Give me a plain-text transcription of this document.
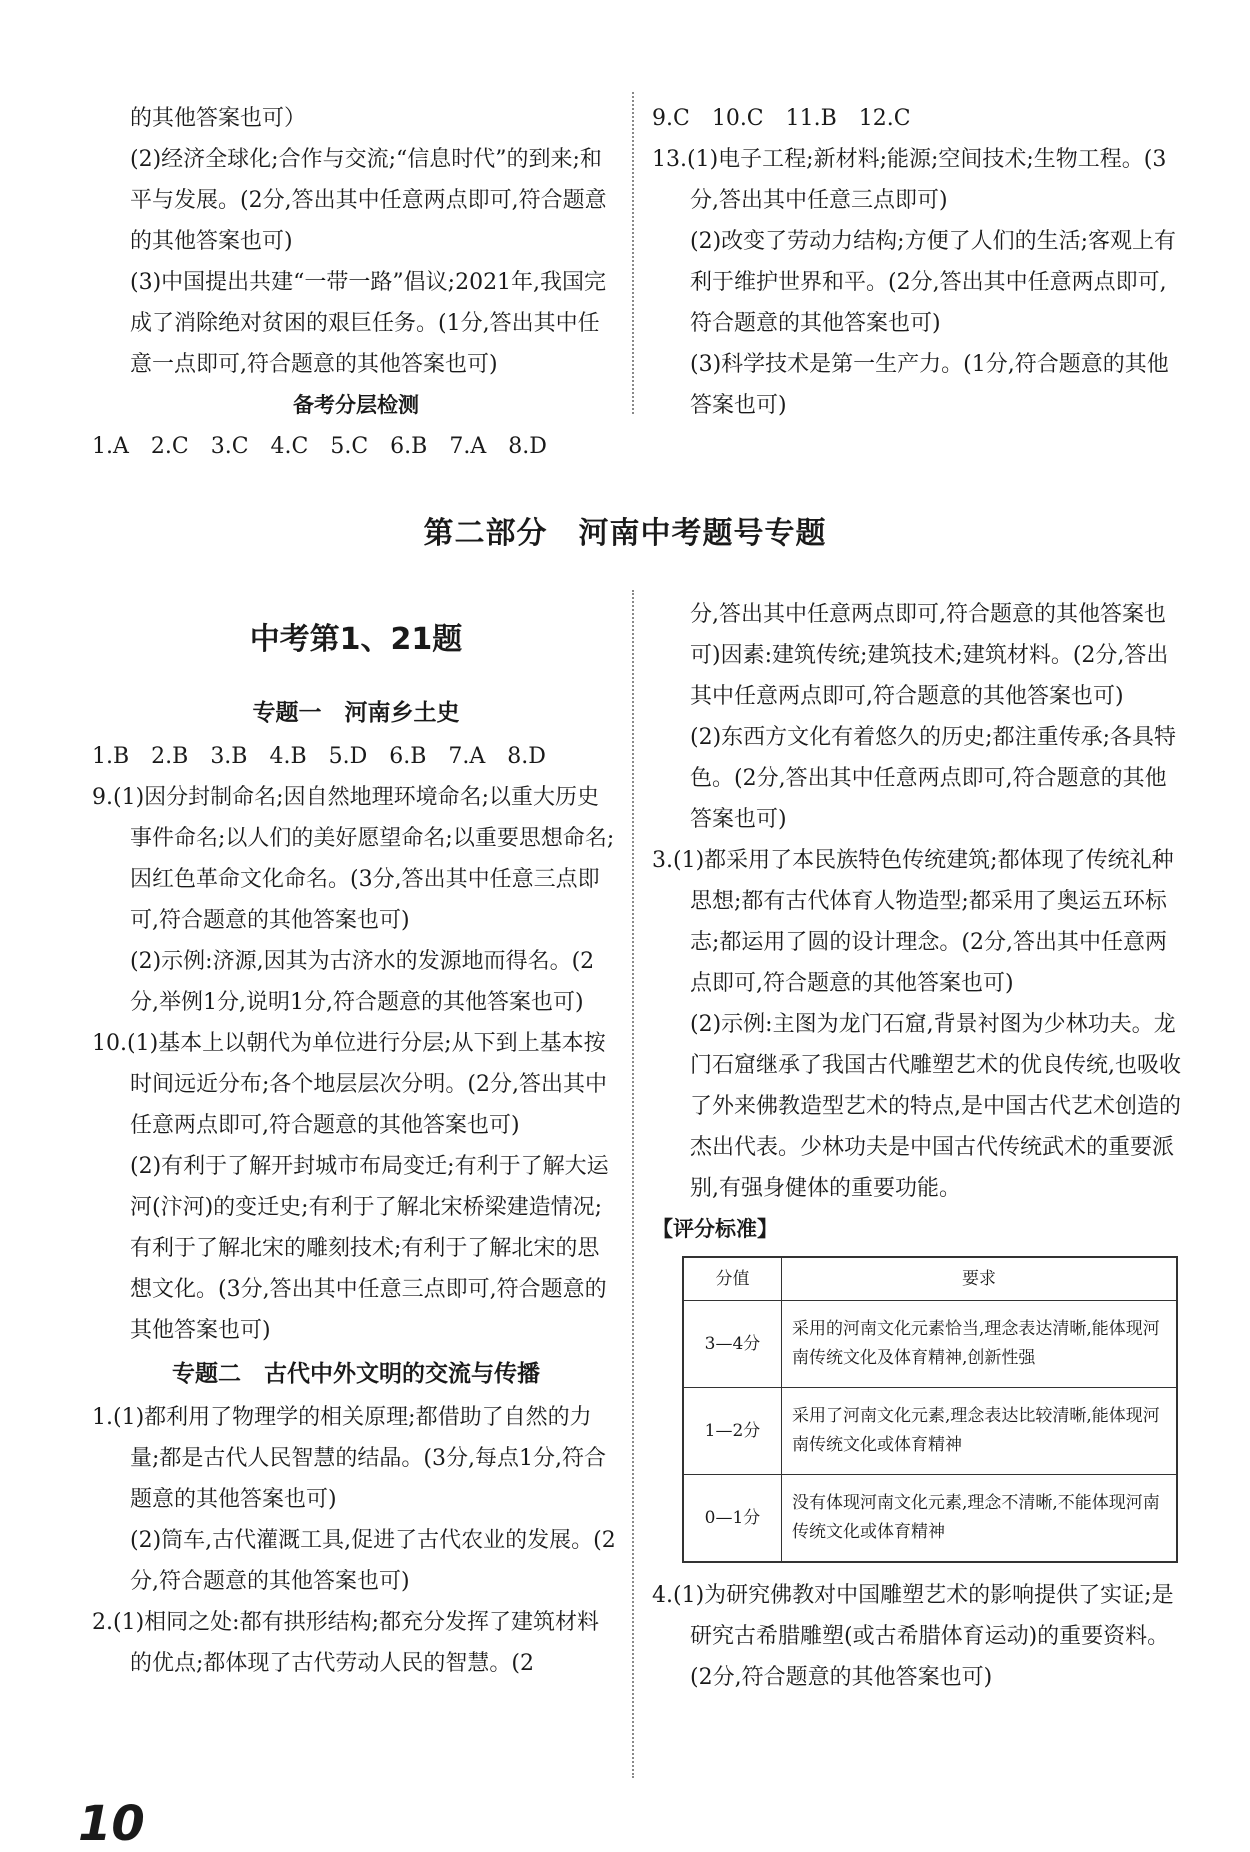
的其他答案也可）

(2)经济全球化;合作与交流;“信息时代”的到来;和平与发展。(2分,答出其中任意两点即可,符合题意的其他答案也可)

(3)中国提出共建“一带一路”倡议;2021年,我国完成了消除绝对贫困的艰巨任务。(1分,答出其中任意一点即可,符合题意的其他答案也可)

备考分层检测

1.A　2.C　3.C　4.C　5.C　6.B　7.A　8.D

9.C　10.C　11.B　12.C

13.(1)电子工程;新材料;能源;空间技术;生物工程。(3分,答出其中任意三点即可)

(2)改变了劳动力结构;方便了人们的生活;客观上有利于维护世界和平。(2分,答出其中任意两点即可,符合题意的其他答案也可)

(3)科学技术是第一生产力。(1分,符合题意的其他答案也可)

第二部分　河南中考题号专题

中考第1、21题

专题一　河南乡土史

1.B　2.B　3.B　4.B　5.D　6.B　7.A　8.D

9.(1)因分封制命名;因自然地理环境命名;以重大历史事件命名;以人们的美好愿望命名;以重要思想命名;因红色革命文化命名。(3分,答出其中任意三点即可,符合题意的其他答案也可)

(2)示例:济源,因其为古济水的发源地而得名。(2分,举例1分,说明1分,符合题意的其他答案也可)

10.(1)基本上以朝代为单位进行分层;从下到上基本按时间远近分布;各个地层层次分明。(2分,答出其中任意两点即可,符合题意的其他答案也可)

(2)有利于了解开封城市布局变迁;有利于了解大运河(汴河)的变迁史;有利于了解北宋桥梁建造情况;有利于了解北宋的雕刻技术;有利于了解北宋的思想文化。(3分,答出其中任意三点即可,符合题意的其他答案也可)

专题二　古代中外文明的交流与传播

1.(1)都利用了物理学的相关原理;都借助了自然的力量;都是古代人民智慧的结晶。(3分,每点1分,符合题意的其他答案也可)

(2)筒车,古代灌溉工具,促进了古代农业的发展。(2分,符合题意的其他答案也可)

2.(1)相同之处:都有拱形结构;都充分发挥了建筑材料的优点;都体现了古代劳动人民的智慧。(2

分,答出其中任意两点即可,符合题意的其他答案也可)因素:建筑传统;建筑技术;建筑材料。(2分,答出其中任意两点即可,符合题意的其他答案也可)

(2)东西方文化有着悠久的历史;都注重传承;各具特色。(2分,答出其中任意两点即可,符合题意的其他答案也可)

3.(1)都采用了本民族特色传统建筑;都体现了传统礼种思想;都有古代体育人物造型;都采用了奥运五环标志;都运用了圆的设计理念。(2分,答出其中任意两点即可,符合题意的其他答案也可)

(2)示例:主图为龙门石窟,背景衬图为少林功夫。龙门石窟继承了我国古代雕塑艺术的优良传统,也吸收了外来佛教造型艺术的特点,是中国古代艺术创造的杰出代表。少林功夫是中国古代传统武术的重要派别,有强身健体的重要功能。

【评分标准】

分值	要求
3—4分	采用的河南文化元素恰当,理念表达清晰,能体现河南传统文化及体育精神,创新性强
1—2分	采用了河南文化元素,理念表达比较清晰,能体现河南传统文化或体育精神
0—1分	没有体现河南文化元素,理念不清晰,不能体现河南传统文化或体育精神

4.(1)为研究佛教对中国雕塑艺术的影响提供了实证;是研究古希腊雕塑(或古希腊体育运动)的重要资料。(2分,符合题意的其他答案也可)

10
